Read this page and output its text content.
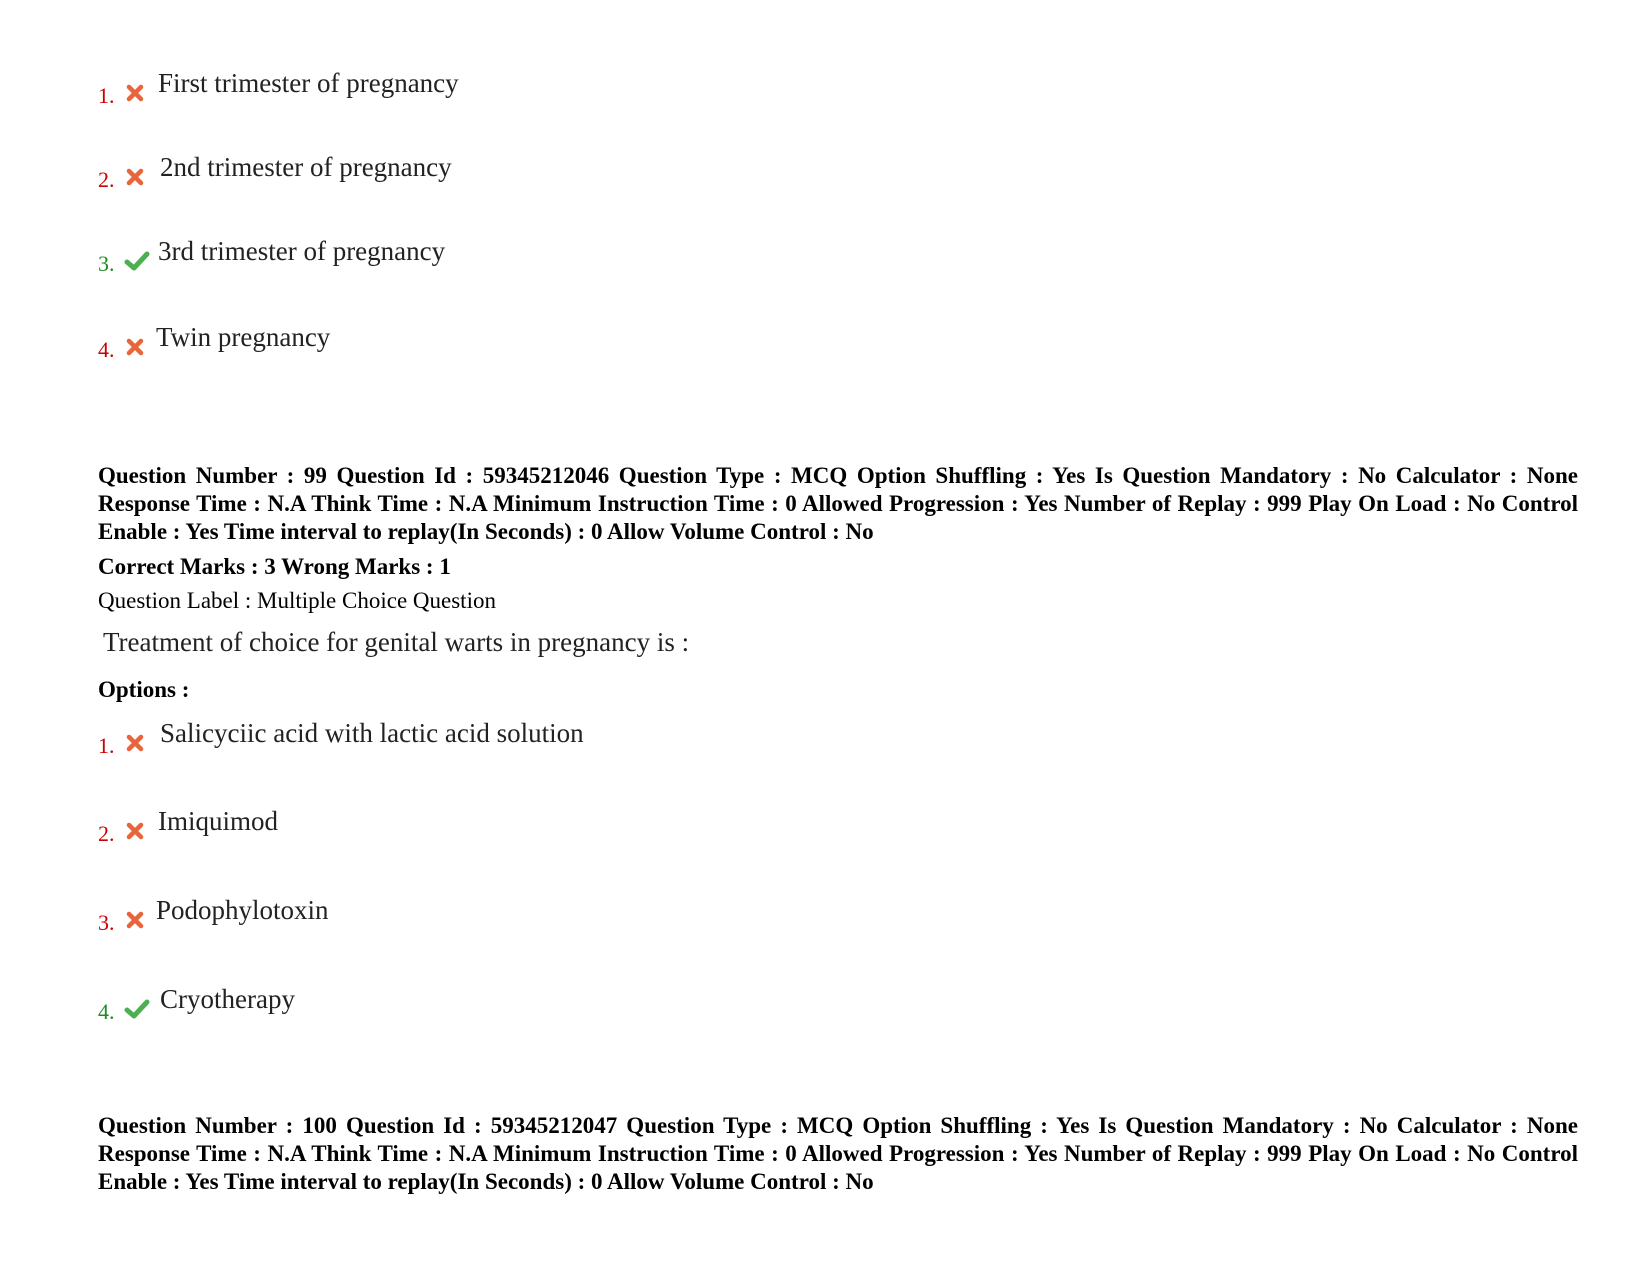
1. First trimester of pregnancy
2. 2nd trimester of pregnancy
3. 3rd trimester of pregnancy
4. Twin pregnancy
Question Number : 99 Question Id : 59345212046 Question Type : MCQ Option Shuffling : Yes Is Question Mandatory : No Calculator : None Response Time : N.A Think Time : N.A Minimum Instruction Time : 0 Allowed Progression : Yes Number of Replay : 999 Play On Load : No Control Enable : Yes Time interval to replay(In Seconds) : 0 Allow Volume Control : No
Correct Marks : 3 Wrong Marks : 1
Question Label : Multiple Choice Question
Treatment of choice for genital warts in pregnancy is :
Options :
1. Salicyciic acid with lactic acid solution
2. Imiquimod
3. Podophylotoxin
4. Cryotherapy
Question Number : 100 Question Id : 59345212047 Question Type : MCQ Option Shuffling : Yes Is Question Mandatory : No Calculator : None Response Time : N.A Think Time : N.A Minimum Instruction Time : 0 Allowed Progression : Yes Number of Replay : 999 Play On Load : No Control Enable : Yes Time interval to replay(In Seconds) : 0 Allow Volume Control : No
